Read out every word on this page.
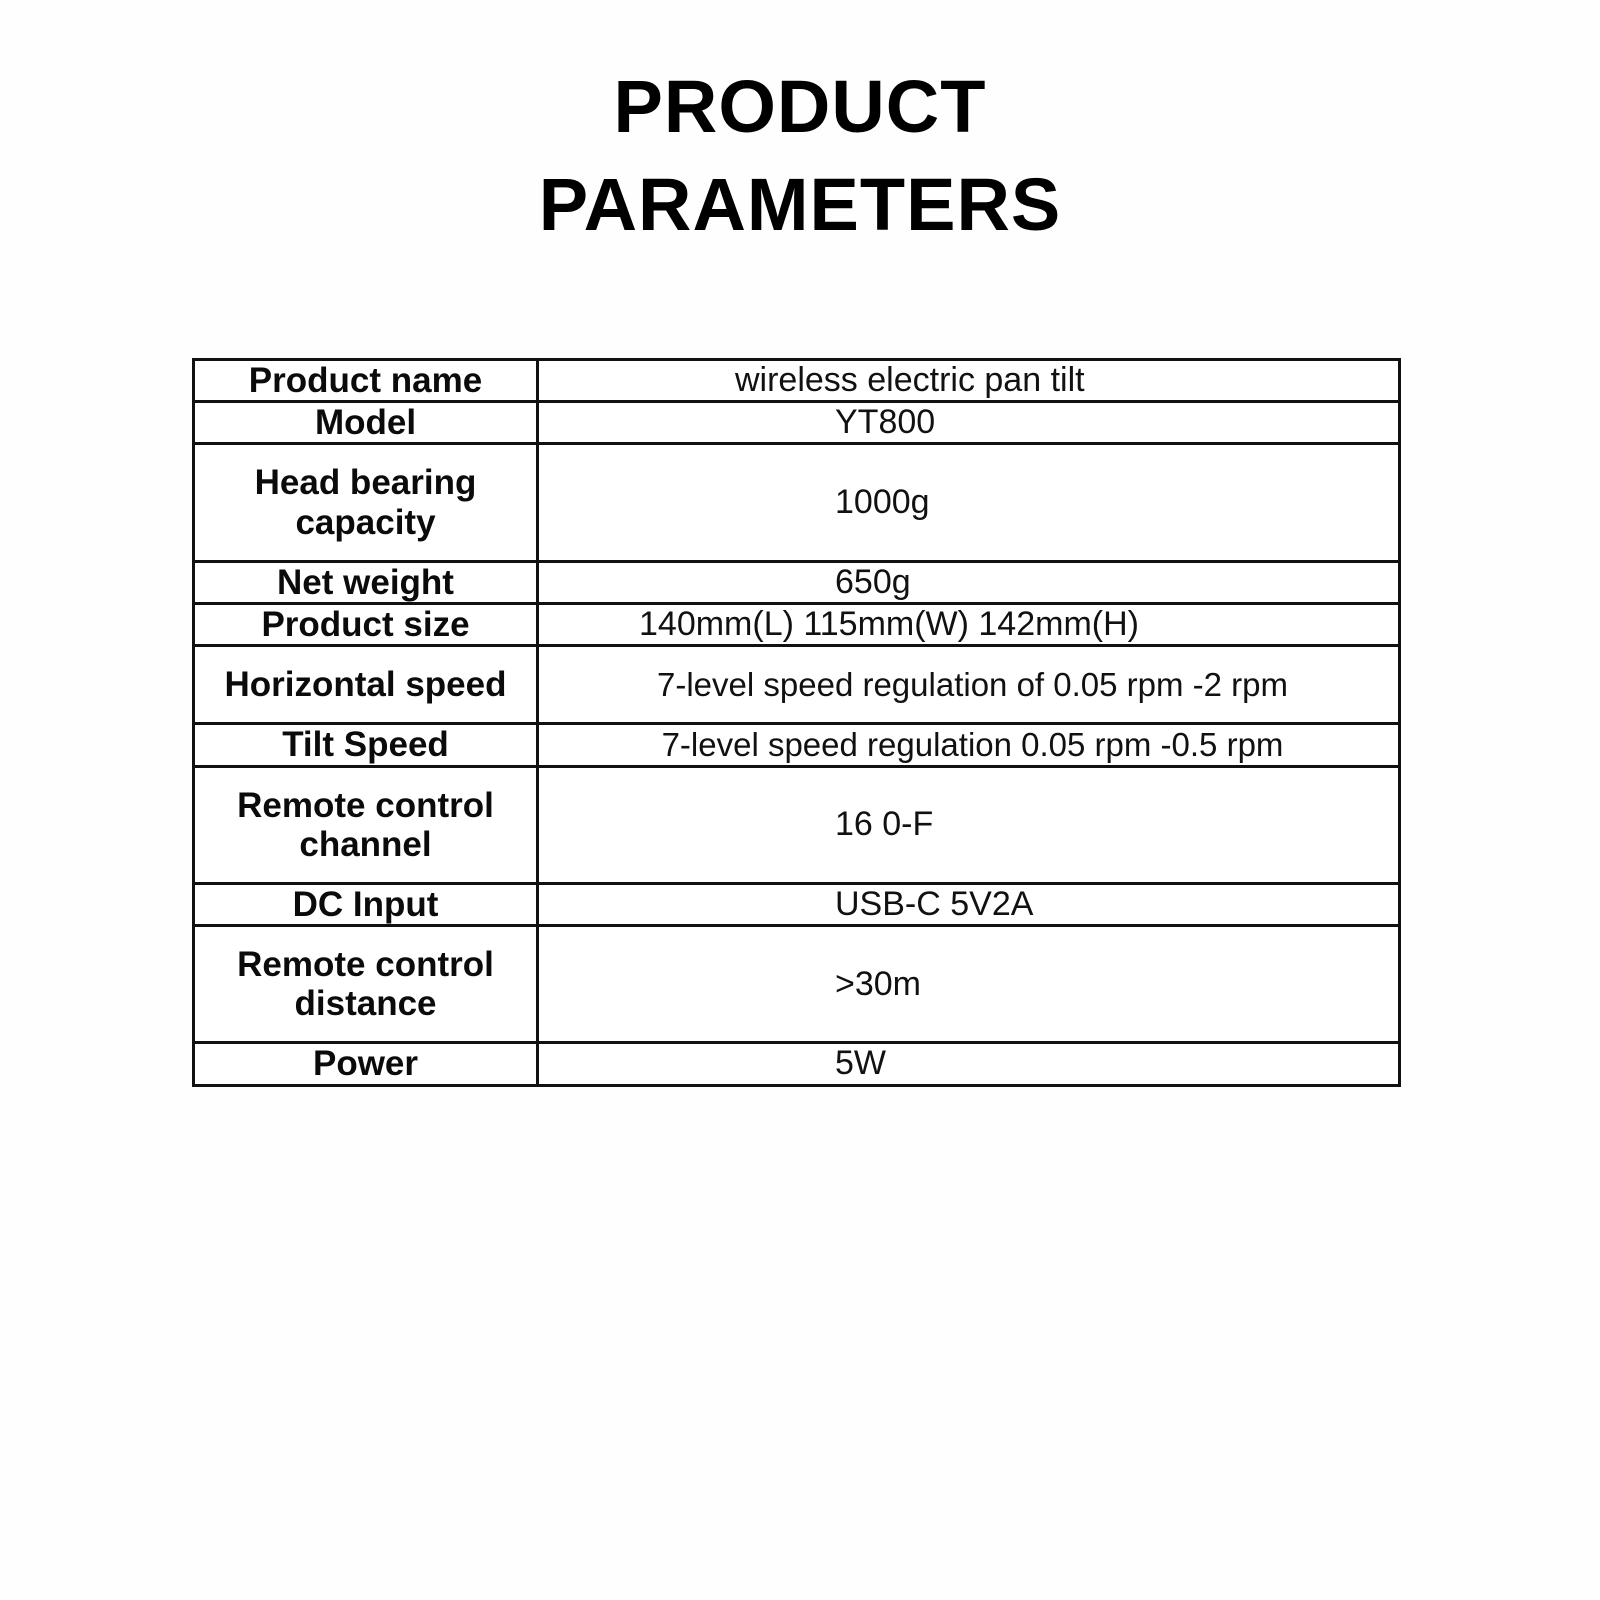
PRODUCT
PARAMETERS
Product name	wireless electric pan tilt
Model	YT800
Head bearing capacity	1000g
Net weight	650g
Product size	140mm(L) 115mm(W) 142mm(H)
Horizontal speed	7-level speed regulation of 0.05 rpm -2 rpm
Tilt Speed	7-level speed regulation 0.05 rpm -0.5 rpm
Remote control channel	16 0-F
DC Input	USB-C 5V2A
Remote control distance	>30m
Power	5W
